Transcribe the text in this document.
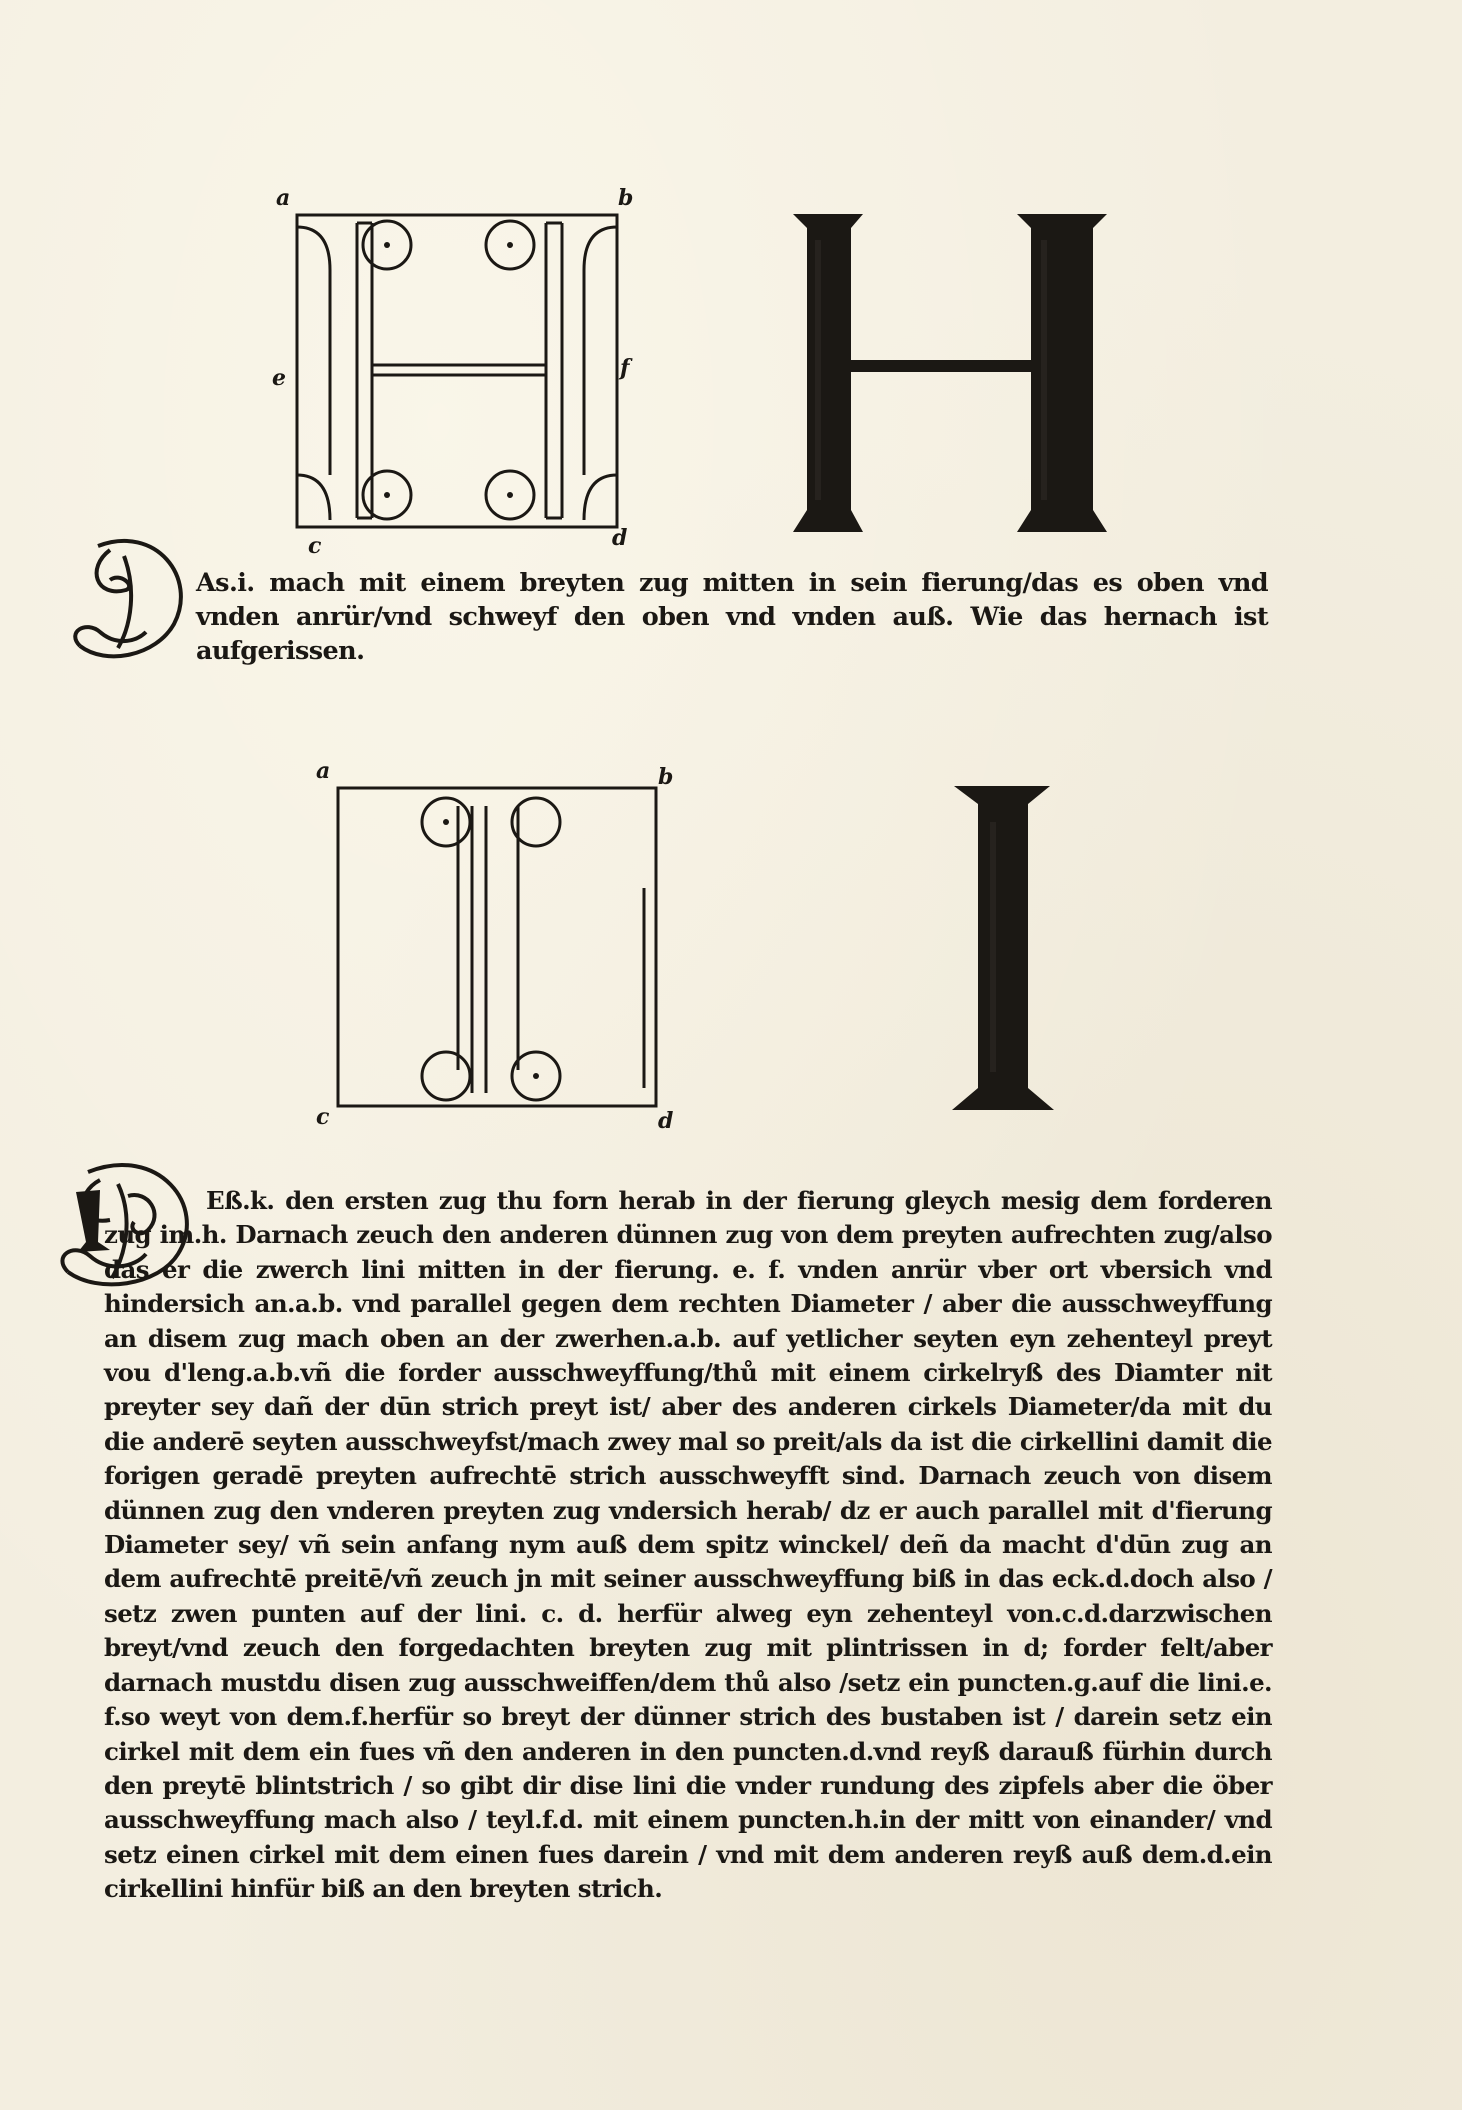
a	b
e	f
c	d

As.i. mach mit einem breyten zug mitten in sein fierung/das es oben vnd vnden anrür/vnd schweyf den oben vnd vnden auß. Wie das hernach ist aufgerissen.

a	b
c	d

Eß.k. den ersten zug thu forn herab in der fierung gleych mesig dem forderen zug im.h. Darnach zeuch den anderen dünnen zug von dem preyten aufrechten zug/also das er die zwerch lini mitten in der fierung. e. f. vnden anrür vber ort vbersich vnd hindersich an.a.b. vnd parallel gegen dem rechten Diameter / aber die ausschweyffung an disem zug mach oben an der zwerhen.a.b. auf yetlicher seyten eyn zehenteyl preyt vou d'leng.a.b.vñ die forder ausschweyffung/thů mit einem cirkelryß des Diamter nit preyter sey dañ der dūn strich preyt ist/ aber des anderen cirkels Diameter/da mit du die anderē seyten ausschweyfst/mach zwey mal so preit/als da ist die cirkellini damit die forigen geradē preyten aufrechtē strich ausschweyfft sind. Darnach zeuch von disem dünnen zug den vnderen preyten zug vndersich herab/ dz er auch parallel mit d'fierung Diameter sey/ vñ sein anfang nym auß dem spitz winckel/ deñ da macht d'dūn zug an dem aufrechtē preitē/vñ zeuch jn mit seiner ausschweyffung biß in das eck.d.doch also / setz zwen punten auf der lini. c. d. herfür alweg eyn zehenteyl von.c.d.darzwischen breyt/vnd zeuch den forgedachten breyten zug mit plintrissen in d; forder felt/aber darnach mustdu disen zug ausschweiffen/dem thů also /setz ein puncten.g.auf die lini.e. f.so weyt von dem.f.herfür so breyt der dünner strich des bustaben ist / darein setz ein cirkel mit dem ein fues vñ den anderen in den puncten.d.vnd reyß darauß fürhin durch den preytē blintstrich / so gibt dir dise lini die vnder rundung des zipfels aber die öber ausschweyffung mach also / teyl.f.d. mit einem puncten.h.in der mitt von einander/ vnd setz einen cirkel mit dem einen fues darein / vnd mit dem anderen reyß auß dem.d.ein cirkellini hinfür biß an den breyten strich.
